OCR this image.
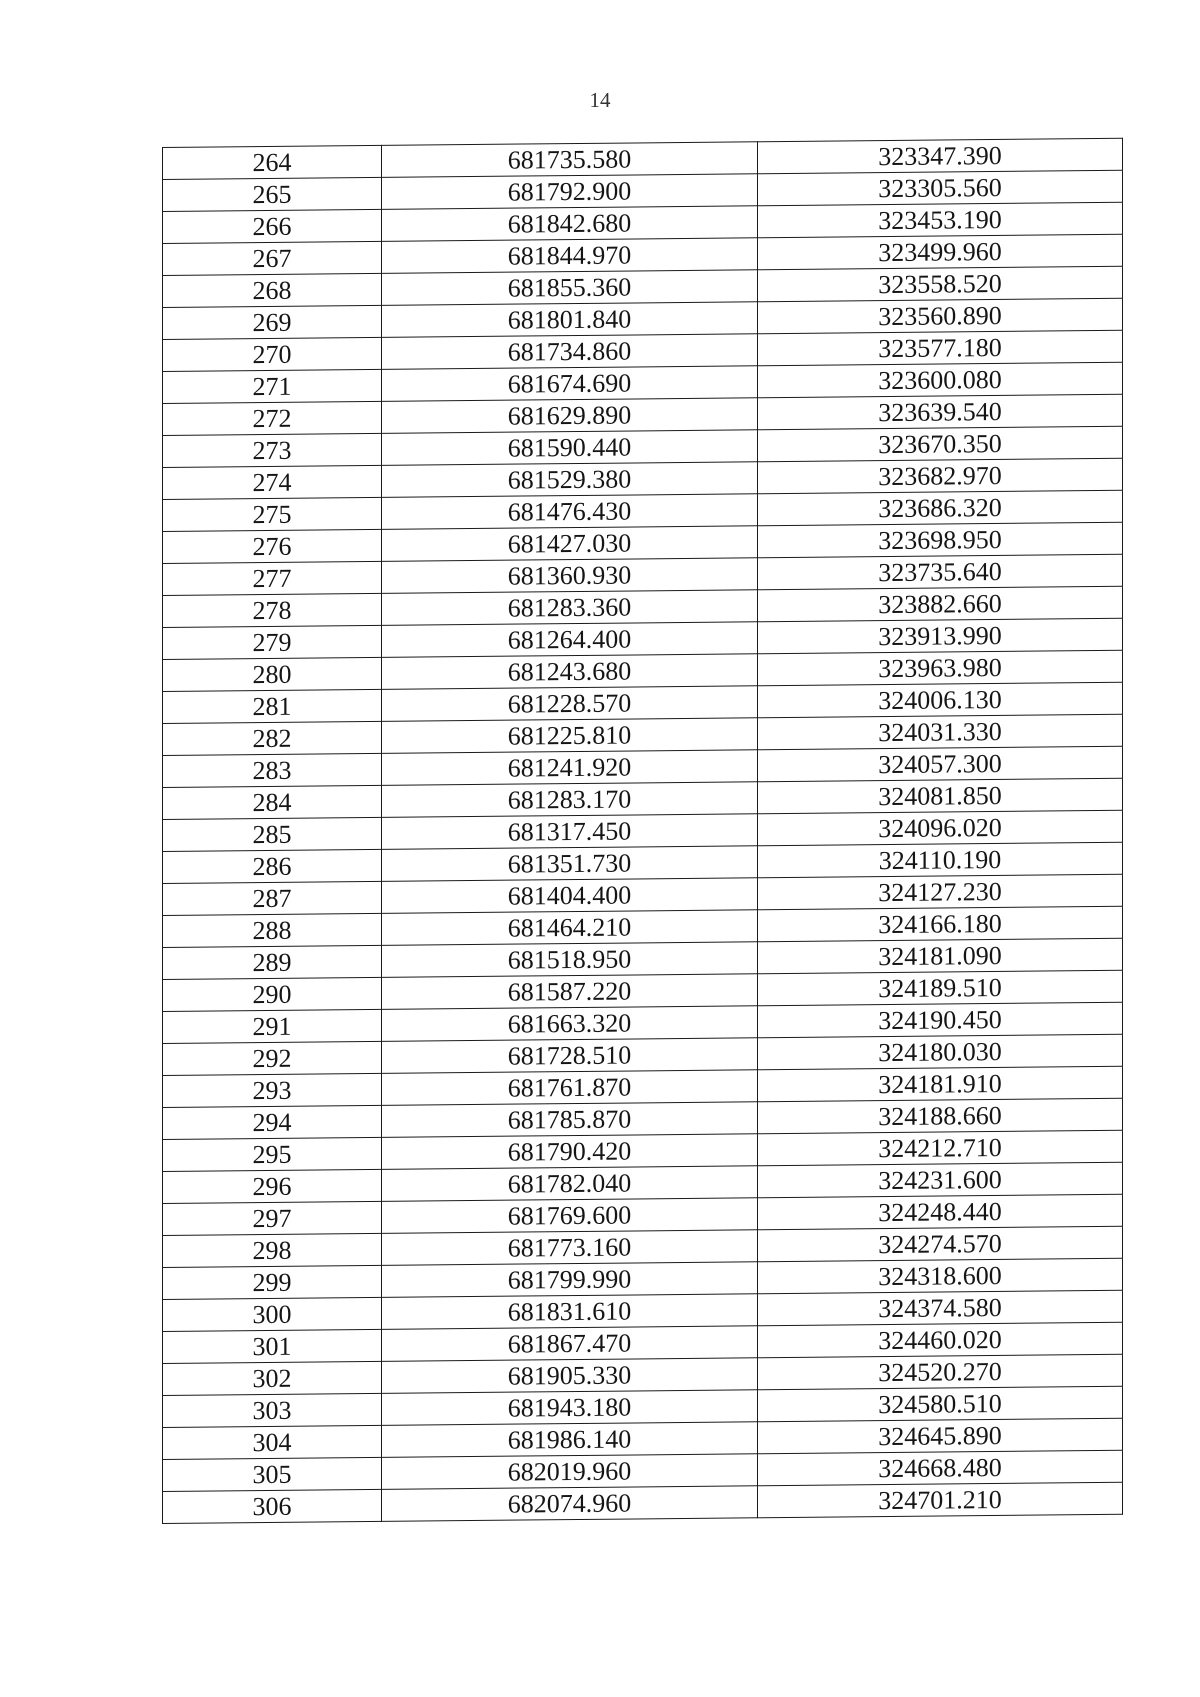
14
264	681735.580	323347.390
265	681792.900	323305.560
266	681842.680	323453.190
267	681844.970	323499.960
268	681855.360	323558.520
269	681801.840	323560.890
270	681734.860	323577.180
271	681674.690	323600.080
272	681629.890	323639.540
273	681590.440	323670.350
274	681529.380	323682.970
275	681476.430	323686.320
276	681427.030	323698.950
277	681360.930	323735.640
278	681283.360	323882.660
279	681264.400	323913.990
280	681243.680	323963.980
281	681228.570	324006.130
282	681225.810	324031.330
283	681241.920	324057.300
284	681283.170	324081.850
285	681317.450	324096.020
286	681351.730	324110.190
287	681404.400	324127.230
288	681464.210	324166.180
289	681518.950	324181.090
290	681587.220	324189.510
291	681663.320	324190.450
292	681728.510	324180.030
293	681761.870	324181.910
294	681785.870	324188.660
295	681790.420	324212.710
296	681782.040	324231.600
297	681769.600	324248.440
298	681773.160	324274.570
299	681799.990	324318.600
300	681831.610	324374.580
301	681867.470	324460.020
302	681905.330	324520.270
303	681943.180	324580.510
304	681986.140	324645.890
305	682019.960	324668.480
306	682074.960	324701.210
